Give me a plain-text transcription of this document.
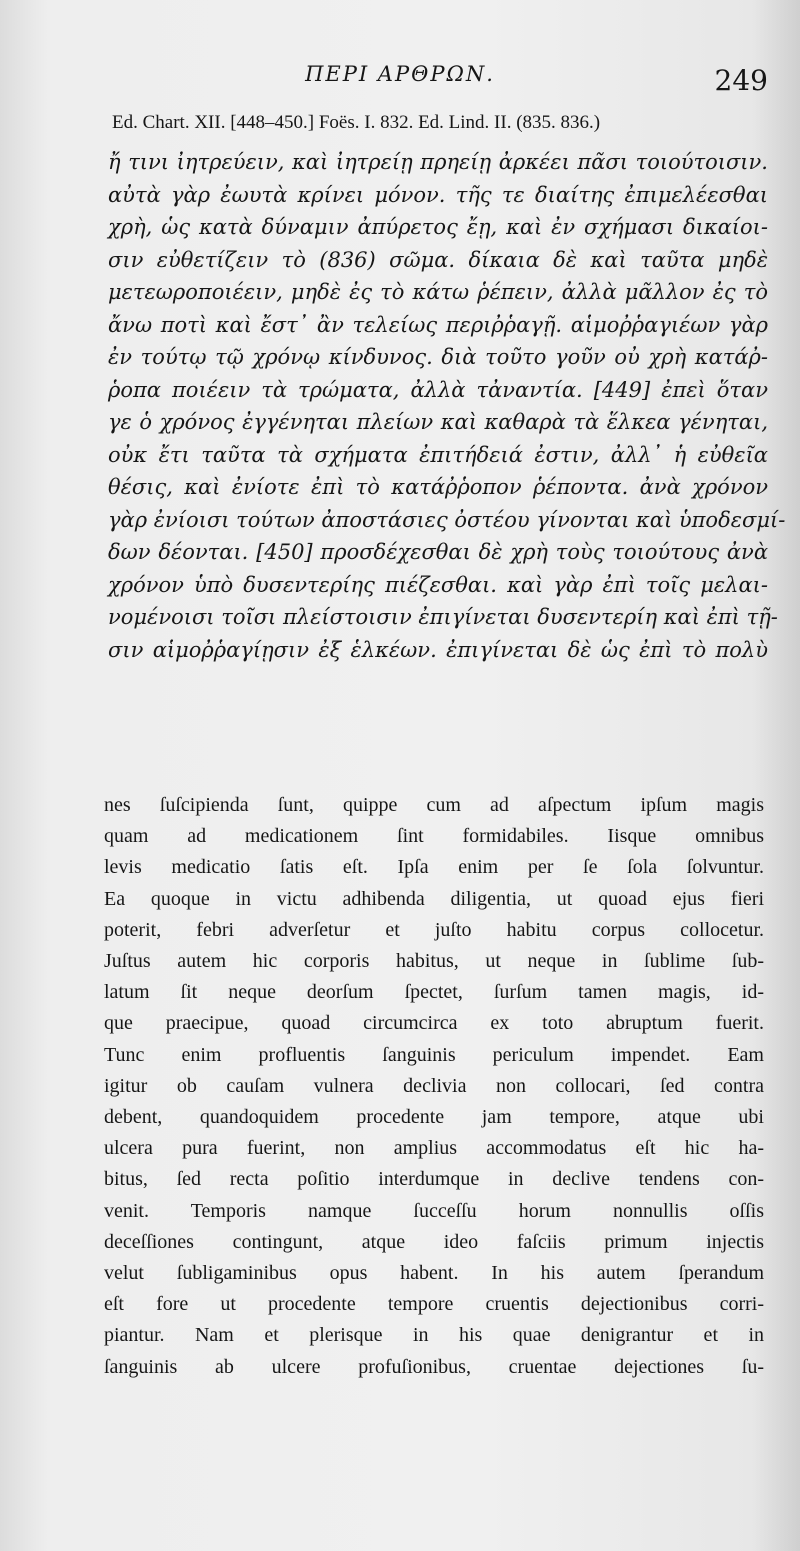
ΠΕΡΙ ΑΡΘΡΩΝ.	249
Ed. Chart. XII. [448–450.] Foës. I. 832. Ed. Lind. II. (835. 836.)
ἤ τινι ἰητρεύειν, καὶ ἰητρείῃ πρηείῃ ἀρκέει πᾶσι τοιούτοισιν.
αὐτὰ γὰρ ἐωυτὰ κρίνει μόνον. τῆς τε διαίτης ἐπιμελέεσθαι
χρὴ, ὡς κατὰ δύναμιν ἀπύρετος ἔῃ, καὶ ἐν σχήμασι δικαίοι-
σιν εὐθετίζειν τὸ (836) σῶμα. δίκαια δὲ καὶ ταῦτα μηδὲ
μετεωροποιέειν, μηδὲ ἐς τὸ κάτω ῥέπειν, ἀλλὰ μᾶλλον ἐς τὸ
ἄνω ποτὶ καὶ ἔστ᾽ ἂν τελείως περιῤῥαγῇ. αἱμοῤῥαγιέων γὰρ
ἐν τούτῳ τῷ χρόνῳ κίνδυνος. διὰ τοῦτο γοῦν οὐ χρὴ κατάῤ-
ῥοπα ποιέειν τὰ τρώματα, ἀλλὰ τἀναντία. [449] ἐπεὶ ὅταν
γε ὁ χρόνος ἐγγένηται πλείων καὶ καθαρὰ τὰ ἕλκεα γένηται,
οὐκ ἔτι ταῦτα τὰ σχήματα ἐπιτήδειά ἐστιν, ἀλλ᾽ ἡ εὐθεῖα
θέσις, καὶ ἐνίοτε ἐπὶ τὸ κατάῤῥοπον ῥέποντα. ἀνὰ χρόνον
γὰρ ἐνίοισι τούτων ἀποστάσιες ὀστέου γίνονται καὶ ὑποδεσμί-
δων δέονται. [450] προσδέχεσθαι δὲ χρὴ τοὺς τοιούτους ἀνὰ
χρόνον ὑπὸ δυσεντερίης πιέζεσθαι. καὶ γὰρ ἐπὶ τοῖς μελαι-
νομένοισι τοῖσι πλείστοισιν ἐπιγίνεται δυσεντερίη καὶ ἐπὶ τῇ-
σιν αἱμοῤῥαγίῃσιν ἐξ ἑλκέων. ἐπιγίνεται δὲ ὡς ἐπὶ τὸ πολὺ
nes ſuſcipienda ſunt, quippe cum ad aſpectum ipſum magis
quam ad medicationem ſint formidabiles. Iisque omnibus
levis medicatio ſatis eſt. Ipſa enim per ſe ſola ſolvuntur.
Ea quoque in victu adhibenda diligentia, ut quoad ejus fieri
poterit, febri adverſetur et juſto habitu corpus collocetur.
Juſtus autem hic corporis habitus, ut neque in ſublime ſub-
latum ſit neque deorſum ſpectet, ſurſum tamen magis, id-
que praecipue, quoad circumcirca ex toto abruptum fuerit.
Tunc enim profluentis ſanguinis periculum impendet. Eam
igitur ob cauſam vulnera declivia non collocari, ſed contra
debent, quandoquidem procedente jam tempore, atque ubi
ulcera pura fuerint, non amplius accommodatus eſt hic ha-
bitus, ſed recta poſitio interdumque in declive tendens con-
venit. Temporis namque ſucceſſu horum nonnullis oſſis
deceſſiones contingunt, atque ideo faſciis primum injectis
velut ſubligaminibus opus habent. In his autem ſperandum
eſt fore ut procedente tempore cruentis dejectionibus corri-
piantur. Nam et plerisque in his quae denigrantur et in
ſanguinis ab ulcere profuſionibus, cruentae dejectiones ſu-
